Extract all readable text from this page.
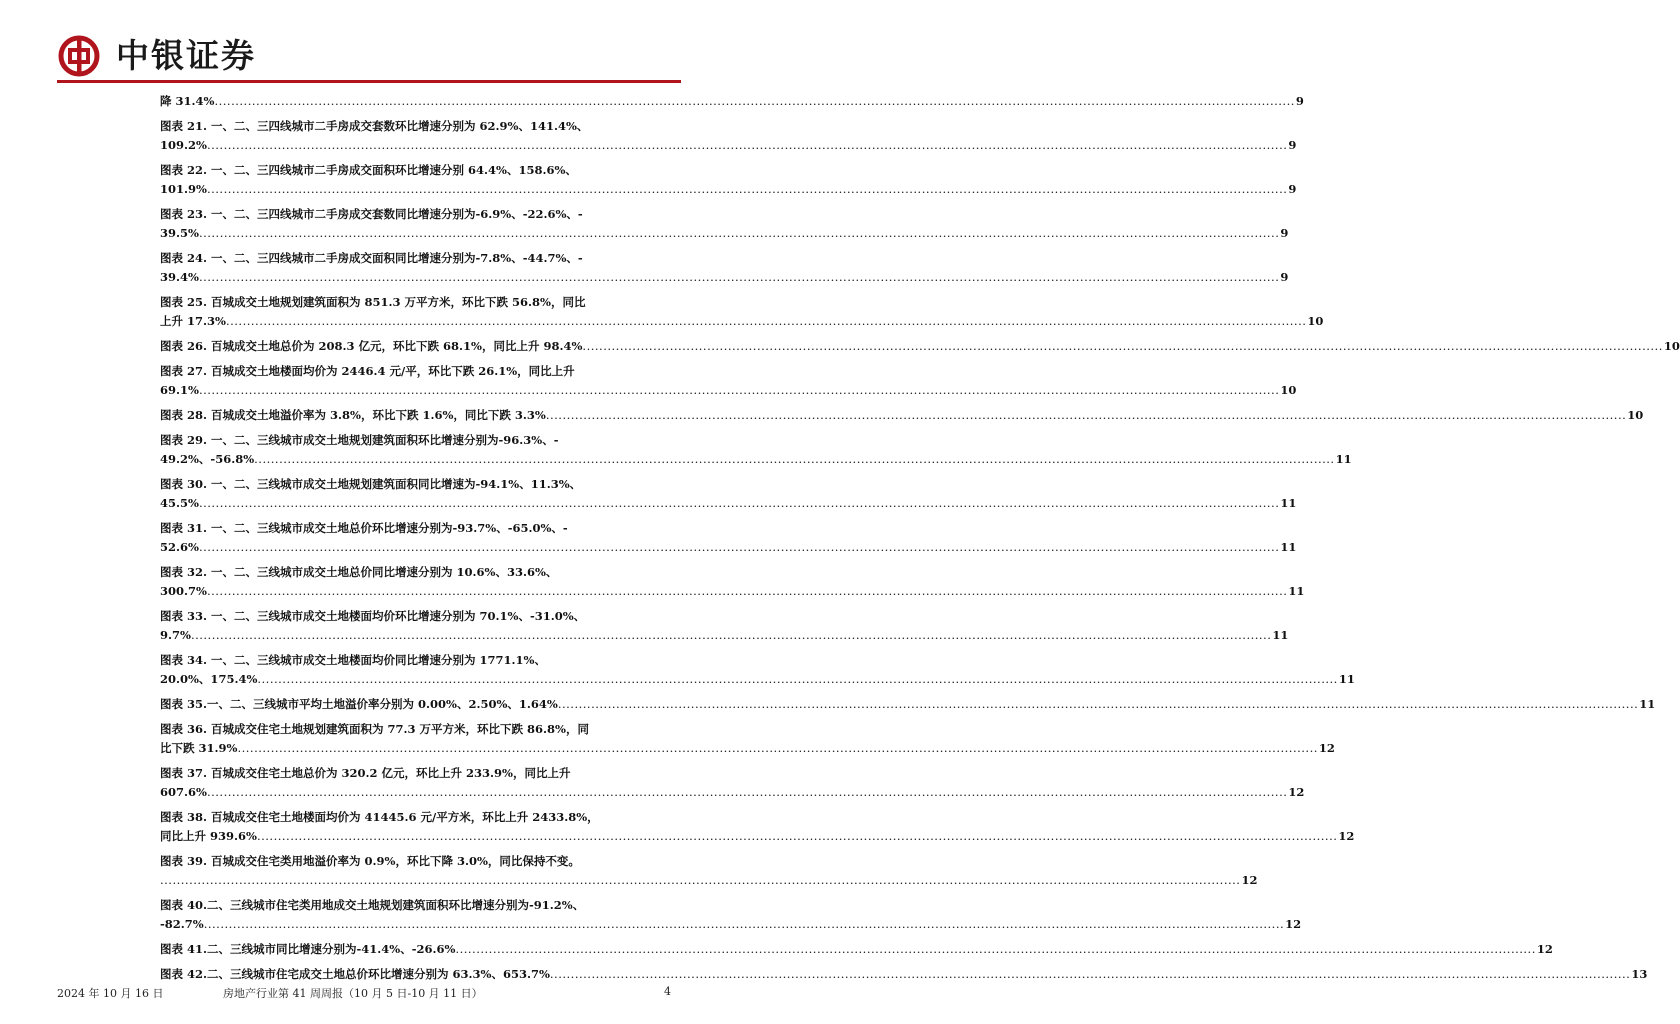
中银证券
降 31.4% .................................................................................................................................................................................................................................................................... 9
图表 21. 一、二、三四线城市二手房成交套数环比增速分别为 62.9%、141.4%、
109.2% .................................................................................................................................................................................................................................................................... 9
图表 22. 一、二、三四线城市二手房成交面积环比增速分别 64.4%、158.6%、
101.9% .................................................................................................................................................................................................................................................................... 9
图表 23. 一、二、三四线城市二手房成交套数同比增速分别为-6.9%、-22.6%、-
39.5% .................................................................................................................................................................................................................................................................... 9
图表 24. 一、二、三四线城市二手房成交面积同比增速分别为-7.8%、-44.7%、-
39.4% .................................................................................................................................................................................................................................................................... 9
图表 25. 百城成交土地规划建筑面积为 851.3 万平方米，环比下跌 56.8%，同比
上升 17.3% .................................................................................................................................................................................................................................................................... 10
图表 26. 百城成交土地总价为 208.3 亿元，环比下跌 68.1%，同比上升 98.4% .................................................................................................................................................................................................................................................................... 10
图表 27. 百城成交土地楼面均价为 2446.4 元/平，环比下跌 26.1%，同比上升
69.1% .................................................................................................................................................................................................................................................................... 10
图表 28. 百城成交土地溢价率为 3.8%，环比下跌 1.6%，同比下跌 3.3% .................................................................................................................................................................................................................................................................... 10
图表 29. 一、二、三线城市成交土地规划建筑面积环比增速分别为-96.3%、-
49.2%、-56.8% .................................................................................................................................................................................................................................................................... 11
图表 30. 一、二、三线城市成交土地规划建筑面积同比增速为-94.1%、11.3%、
45.5% .................................................................................................................................................................................................................................................................... 11
图表 31. 一、二、三线城市成交土地总价环比增速分别为-93.7%、-65.0%、-
52.6% .................................................................................................................................................................................................................................................................... 11
图表 32. 一、二、三线城市成交土地总价同比增速分别为 10.6%、33.6%、
300.7% .................................................................................................................................................................................................................................................................... 11
图表 33. 一、二、三线城市成交土地楼面均价环比增速分别为 70.1%、-31.0%、
9.7% .................................................................................................................................................................................................................................................................... 11
图表 34. 一、二、三线城市成交土地楼面均价同比增速分别为 1771.1%、
20.0%、175.4% .................................................................................................................................................................................................................................................................... 11
图表 35.一、二、三线城市平均土地溢价率分别为 0.00%、2.50%、1.64% .................................................................................................................................................................................................................................................................... 11
图表 36. 百城成交住宅土地规划建筑面积为 77.3 万平方米，环比下跌 86.8%，同
比下跌 31.9% .................................................................................................................................................................................................................................................................... 12
图表 37. 百城成交住宅土地总价为 320.2 亿元，环比上升 233.9%，同比上升
607.6% .................................................................................................................................................................................................................................................................... 12
图表 38. 百城成交住宅土地楼面均价为 41445.6 元/平方米，环比上升 2433.8%，
同比上升 939.6% .................................................................................................................................................................................................................................................................... 12
图表 39. 百城成交住宅类用地溢价率为 0.9%，环比下降 3.0%，同比保持不变。
.................................................................................................................................................................................................................................................................... 12
图表 40.二、三线城市住宅类用地成交土地规划建筑面积环比增速分别为-91.2%、
-82.7% .................................................................................................................................................................................................................................................................... 12
图表 41.二、三线城市同比增速分别为-41.4%、-26.6% .................................................................................................................................................................................................................................................................... 12
图表 42.二、三线城市住宅成交土地总价环比增速分别为 63.3%、653.7% .................................................................................................................................................................................................................................................................... 13
2024 年 10 月 16 日	房地产行业第 41 周周报（10 月 5 日-10 月 11 日）	4
